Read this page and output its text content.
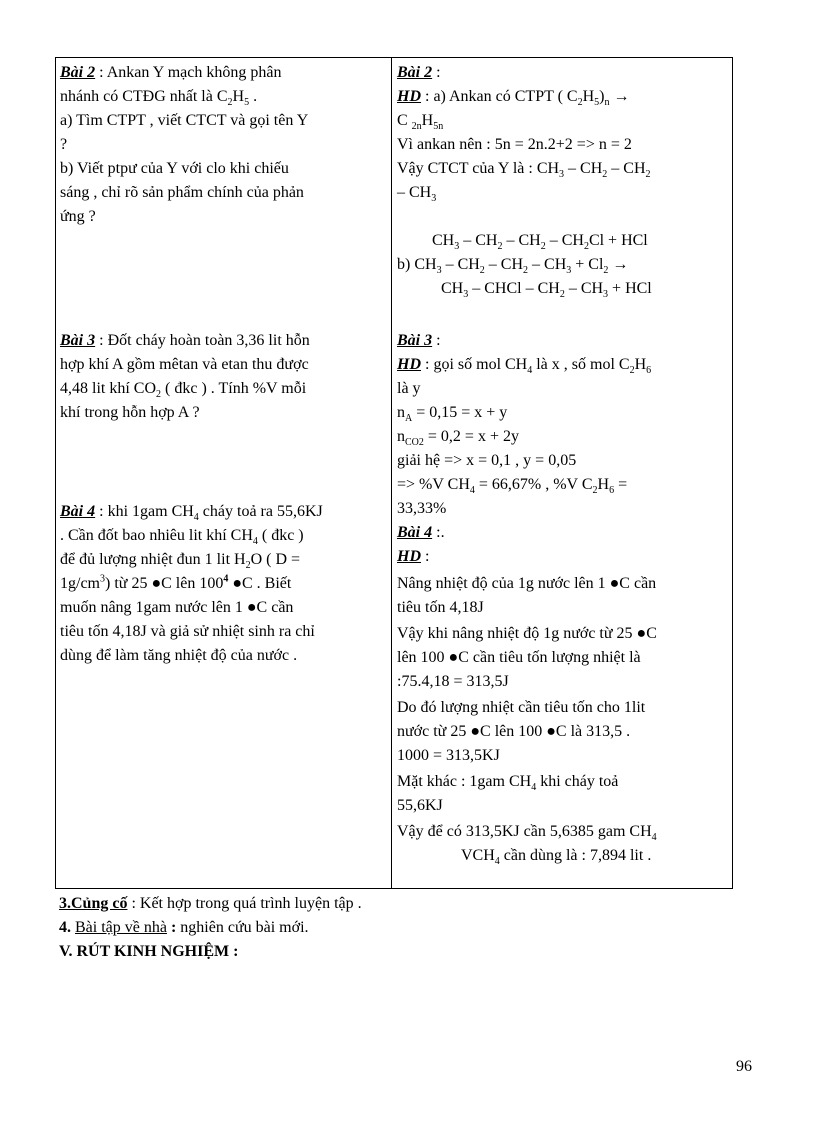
Bài 2 : Ankan Y mạch không phân
nhánh có CTĐG nhất là $C_2H_5$ .
a) Tìm CTPT , viết CTCT và gọi tên Y
?
b) Viết ptpư của Y với clo khi chiếu
sáng , chỉ rõ sản phẩm chính của phản
ứng ?
Bài 3 : Đốt cháy hoàn toàn 3,36 lit hỗn
hợp khí A gồm mêtan và etan thu được
4,48 lit khí $CO_2$ ( đkc ) . Tính %V mỗi
khí trong hỗn hợp A ?
Bài 4 : khi 1gam $CH_4$ cháy toả ra 55,6KJ
. Cần đốt bao nhiêu lit khí $CH_4$ ( đkc )
để đủ lượng nhiệt đun 1 lit $H_2O$ ( D =
$1g/cm^3$) từ 25 ●C lên $100^4$ ●C . Biết
muốn nâng 1gam nước lên 1 ●C cần
tiêu tốn 4,18J và giả sử nhiệt sinh ra chỉ
dùng để làm tăng nhiệt độ của nước .
Bài 2 :
HD : a) Ankan có CTPT ( $C_2H_5)_n$ →
C $_{2n}H_{5n}$
Vì ankan nên : 5n = 2n.2+2 => n = 2
Vậy CTCT của Y là : $CH_3 - CH_2 - CH_2$
– $CH_3$
$CH_3 - CH_2 - CH_2 - CH_2Cl$ + HCl
b) $CH_3 - CH_2 - CH_2 - CH_3 + Cl_2$ →
$CH_3$ – CHCl – $CH_2 - CH_3$ + HCl
Bài 3 :
HD : gọi số mol $CH_4$ là x , số mol $C_2H_6$
là y
$n_A = 0,15 = x + y$
$n_{CO2} = 0,2 = x + 2y$
giải hệ => x = 0,1 , y = 0,05
=> %V $CH_4 = 66,67\%$ , %V $C_2H_6$ =
33,33%
Bài 4 :.
HD :
Nâng nhiệt độ của 1g nước lên 1 ●C cần
tiêu tốn 4,18J
Vậy khi nâng nhiệt độ 1g nước từ 25 ●C
lên 100 ●C cần tiêu tốn lượng nhiệt là
:75.4,18 = 313,5J
Do đó lượng nhiệt cần tiêu tốn cho 1lit
nước từ 25 ●C lên 100 ●C là 313,5 .
1000 = 313,5KJ
Mặt khác : 1gam $CH_4$ khi cháy toả
55,6KJ
Vậy để có 313,5KJ cần 5,6385 gam $CH_4$
$VCH_4$ cần dùng là : 7,894 lit .
3.Củng cố : Kết hợp trong quá trình luyện tập .
4. Bài tập về nhà : nghiên cứu bài mới.
V. RÚT KINH NGHIỆM :
96
